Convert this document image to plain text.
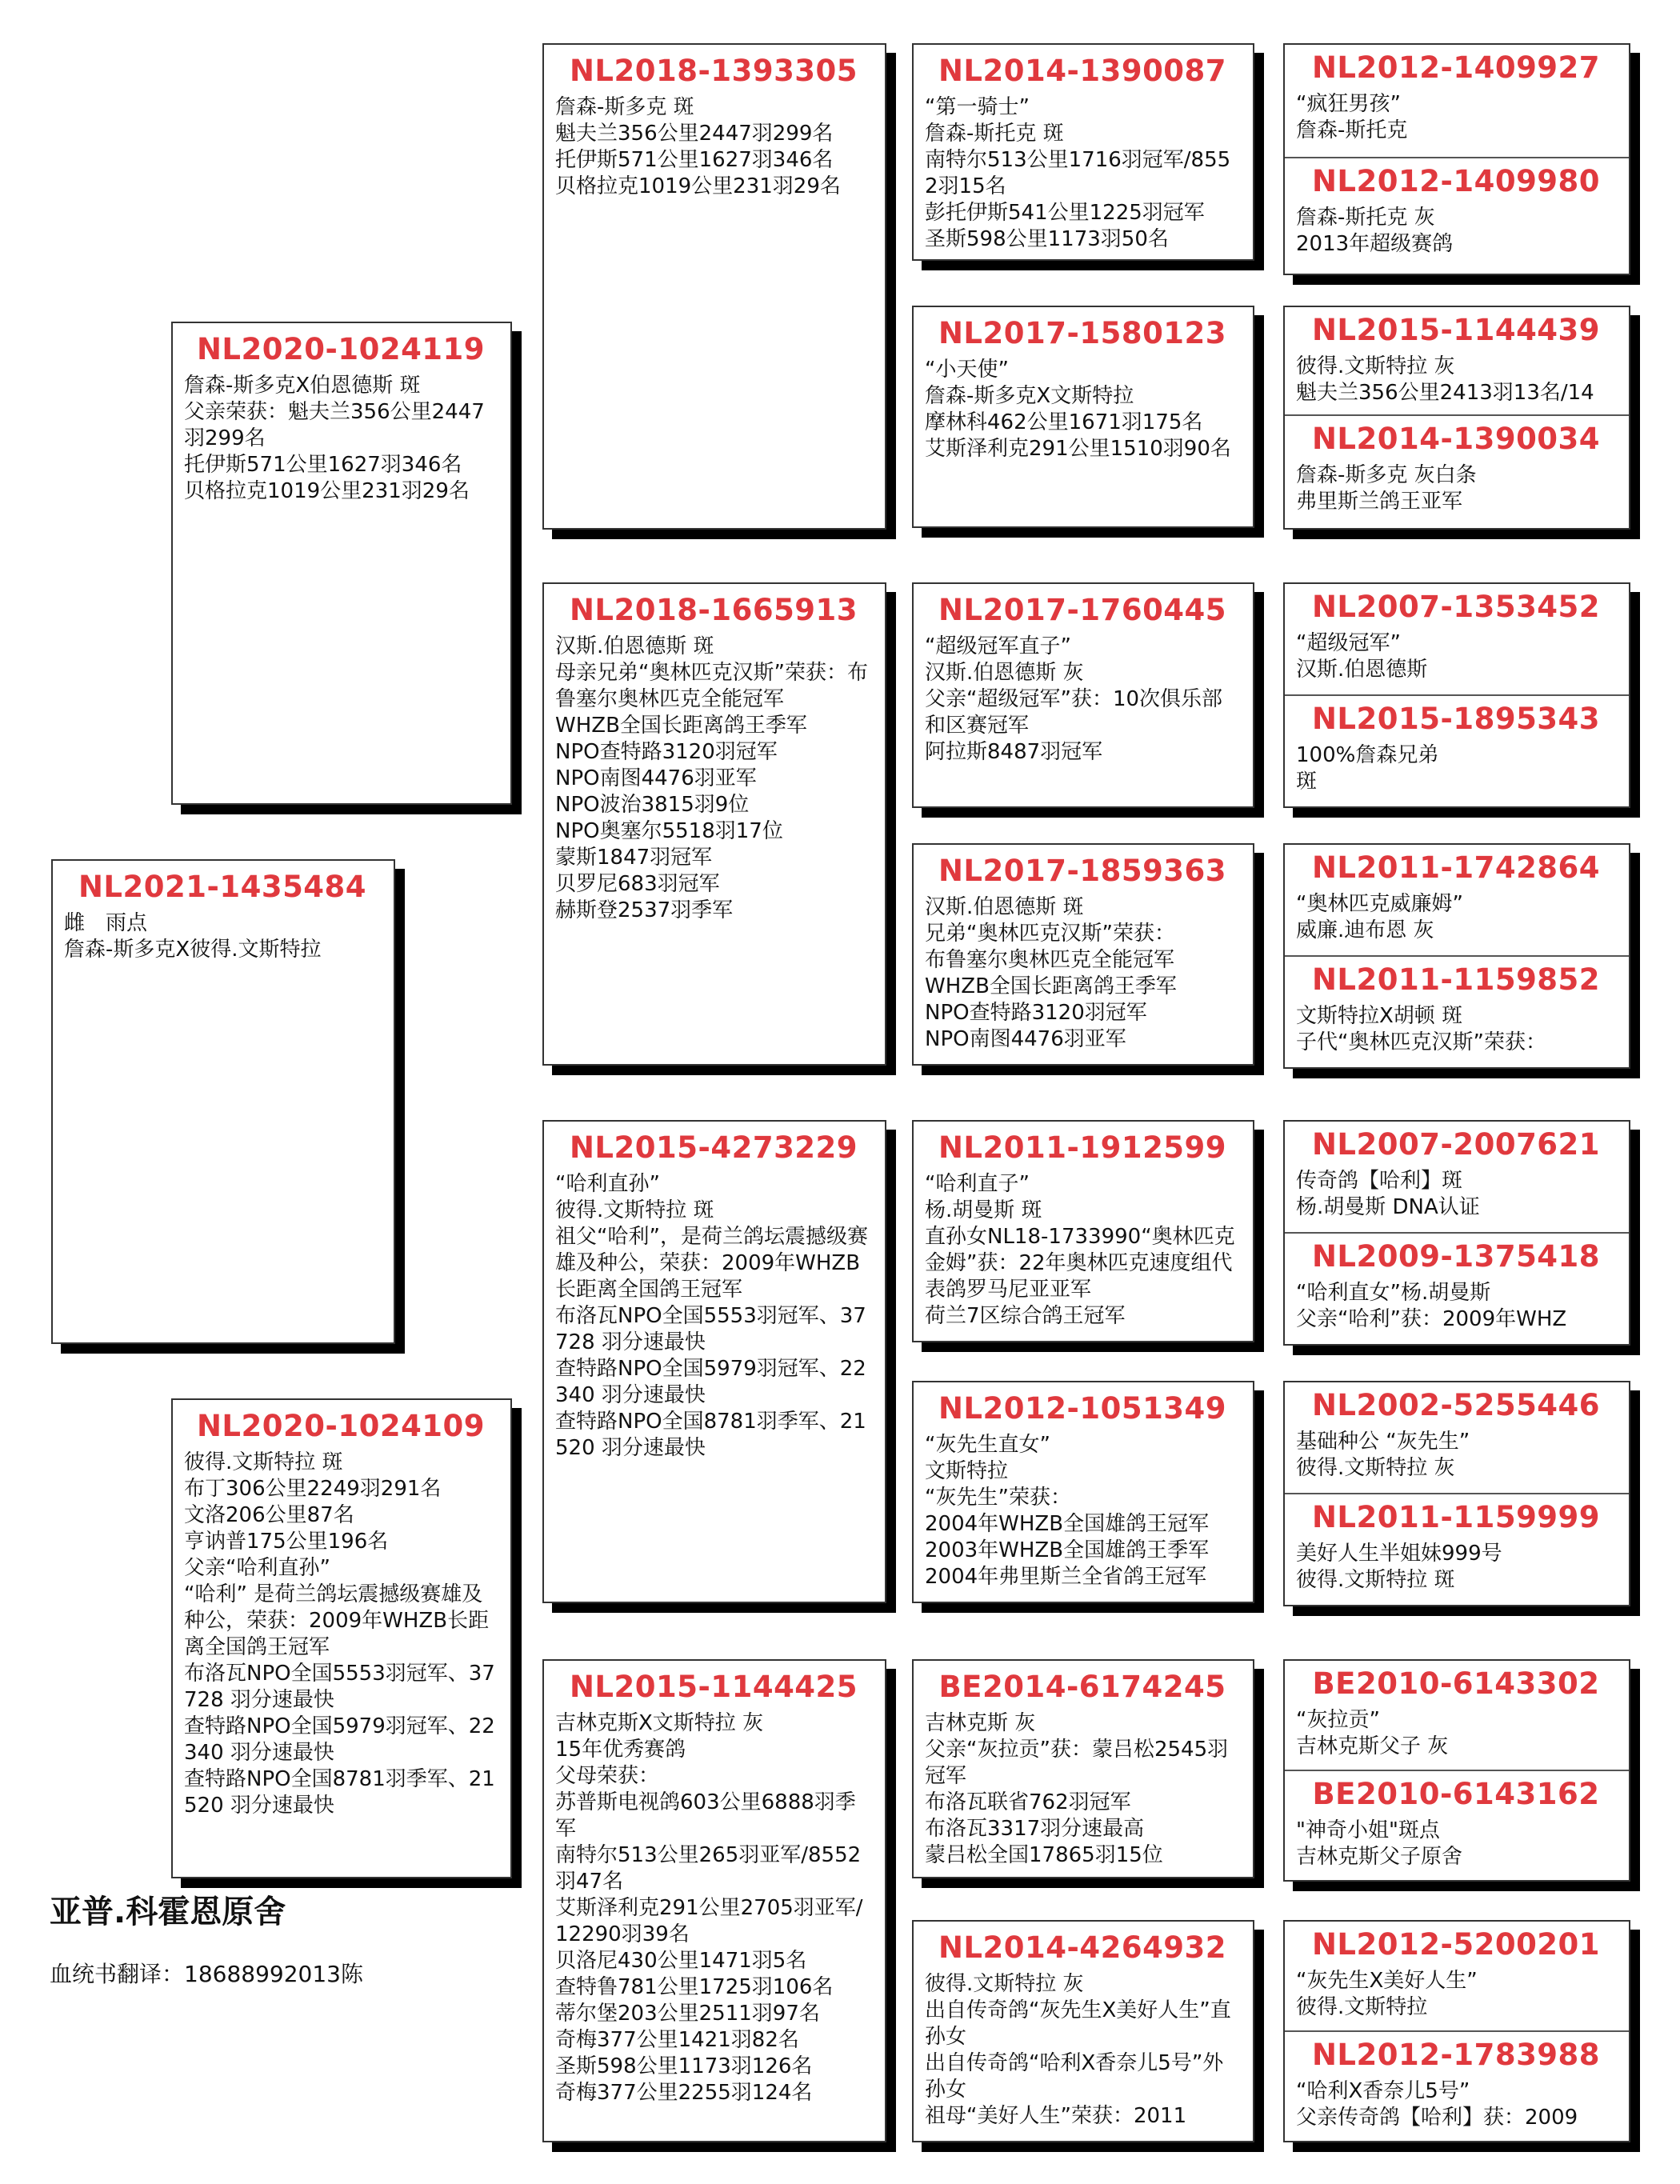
NL2021-1435484
雌　雨点
詹森-斯多克X彼得.文斯特拉
NL2020-1024119
詹森-斯多克X伯恩德斯 斑
父亲荣获：魁夫兰356公里2447羽299名
托伊斯571公里1627羽346名
贝格拉克1019公里231羽29名
NL2020-1024109
彼得.文斯特拉 斑
布丁306公里2249羽291名
文洛206公里87名
亨讷普175公里196名
父亲“哈利直孙”
“哈利” 是荷兰鸽坛震撼级赛雄及种公，荣获：2009年WHZB长距离全国鸽王冠军
布洛瓦NPO全国5553羽冠军、37728 羽分速最快
查特路NPO全国5979羽冠军、22340 羽分速最快
查特路NPO全国8781羽季军、21520 羽分速最快
NL2018-1393305
詹森-斯多克 斑
魁夫兰356公里2447羽299名
托伊斯571公里1627羽346名
贝格拉克1019公里231羽29名
NL2018-1665913
汉斯.伯恩德斯 斑
母亲兄弟“奥林匹克汉斯”荣获：布鲁塞尔奥林匹克全能冠军
WHZB全国长距离鸽王季军
NPO查特路3120羽冠军
NPO南图4476羽亚军
NPO波治3815羽9位
NPO奥塞尔5518羽17位
蒙斯1847羽冠军
贝罗尼683羽冠军
赫斯登2537羽季军
NL2015-4273229
“哈利直孙”
彼得.文斯特拉 斑
祖父“哈利”，是荷兰鸽坛震撼级赛雄及种公，荣获：2009年WHZB长距离全国鸽王冠军
布洛瓦NPO全国5553羽冠军、37728 羽分速最快
查特路NPO全国5979羽冠军、22340 羽分速最快
查特路NPO全国8781羽季军、21520 羽分速最快
NL2015-1144425
吉林克斯X文斯特拉 灰
15年优秀赛鸽
父母荣获：
苏普斯电视鸽603公里6888羽季军
南特尔513公里265羽亚军/8552羽47名
艾斯泽利克291公里2705羽亚军/12290羽39名
贝洛尼430公里1471羽5名
查特鲁781公里1725羽106名
蒂尔堡203公里2511羽97名
奇梅377公里1421羽82名
圣斯598公里1173羽126名
奇梅377公里2255羽124名
NL2014-1390087
“第一骑士”
詹森-斯托克 斑
南特尔513公里1716羽冠军/8552羽15名
彭托伊斯541公里1225羽冠军
圣斯598公里1173羽50名
NL2017-1580123
“小天使”
詹森-斯多克X文斯特拉
摩林科462公里1671羽175名
艾斯泽利克291公里1510羽90名
NL2017-1760445
“超级冠军直子”
汉斯.伯恩德斯 灰
父亲“超级冠军”获：10次俱乐部和区赛冠军
阿拉斯8487羽冠军
NL2017-1859363
汉斯.伯恩德斯 斑
兄弟“奥林匹克汉斯”荣获：
布鲁塞尔奥林匹克全能冠军
WHZB全国长距离鸽王季军
NPO查特路3120羽冠军
NPO南图4476羽亚军
NL2011-1912599
“哈利直子”
杨.胡曼斯 斑
直孙女NL18-1733990“奥林匹克金姆”获：22年奥林匹克速度组代表鸽罗马尼亚亚军
荷兰7区综合鸽王冠军
NL2012-1051349
“灰先生直女”
文斯特拉
“灰先生”荣获：
2004年WHZB全国雄鸽王冠军
2003年WHZB全国雄鸽王季军
2004年弗里斯兰全省鸽王冠军
BE2014-6174245
吉林克斯 灰
父亲“灰拉贡”获：蒙吕松2545羽冠军
布洛瓦联省762羽冠军
布洛瓦3317羽分速最高
蒙吕松全国17865羽15位
NL2014-4264932
彼得.文斯特拉 灰
出自传奇鸽“灰先生X美好人生”直孙女
出自传奇鸽“哈利X香奈儿5号”外孙女
祖母“美好人生”荣获：2011
NL2012-1409927
“疯狂男孩”
詹森-斯托克
NL2012-1409980
詹森-斯托克 灰
2013年超级赛鸽
NL2015-1144439
彼得.文斯特拉 灰
魁夫兰356公里2413羽13名/14
NL2014-1390034
詹森-斯多克 灰白条
弗里斯兰鸽王亚军
NL2007-1353452
“超级冠军”
汉斯.伯恩德斯
NL2015-1895343
100%詹森兄弟
斑
NL2011-1742864
“奥林匹克威廉姆”
威廉.迪布恩 灰
NL2011-1159852
文斯特拉X胡顿 斑
子代“奥林匹克汉斯”荣获：
NL2007-2007621
传奇鸽【哈利】斑
杨.胡曼斯 DNA认证
NL2009-1375418
“哈利直女”杨.胡曼斯
父亲“哈利”获：2009年WHZ
NL2002-5255446
基础种公 “灰先生”
彼得.文斯特拉 灰
NL2011-1159999
美好人生半姐妹999号
彼得.文斯特拉 斑
BE2010-6143302
“灰拉贡”
吉林克斯父子 灰
BE2010-6143162
"神奇小姐"斑点
吉林克斯父子原舍
NL2012-5200201
“灰先生X美好人生”
彼得.文斯特拉
NL2012-1783988
“哈利X香奈儿5号”
父亲传奇鸽【哈利】获：2009
亚普.科霍恩原舍
血统书翻译：18688992013陈
